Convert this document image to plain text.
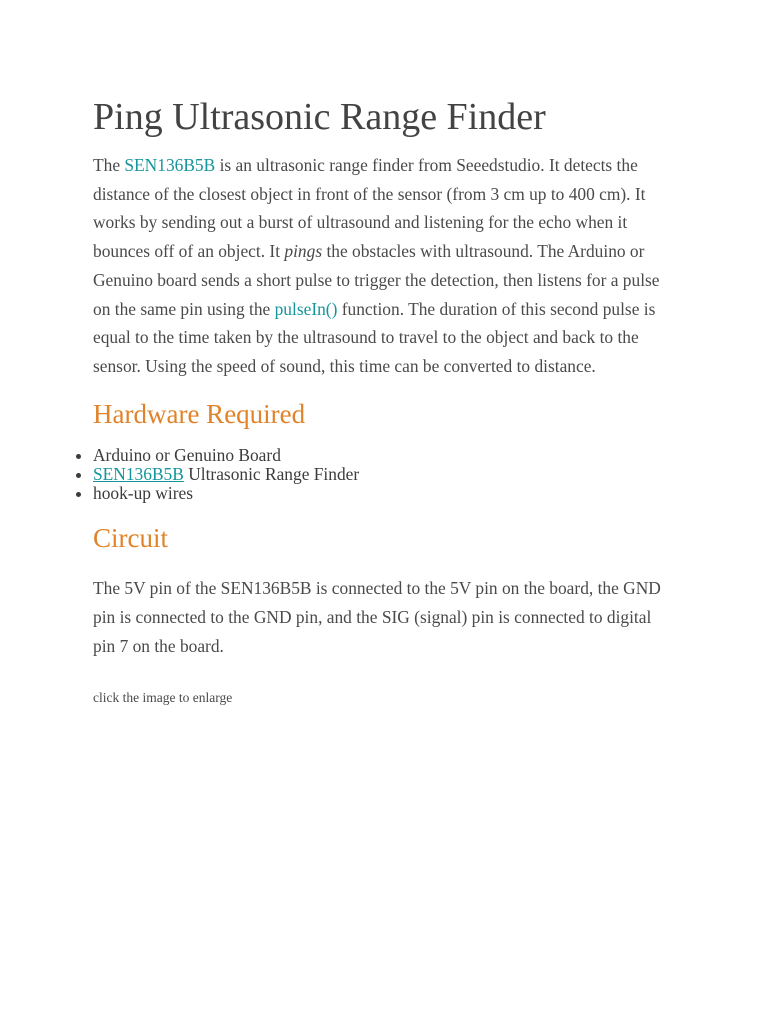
Ping Ultrasonic Range Finder

The SEN136B5B is an ultrasonic range finder from Seeedstudio. It detects the distance of the closest object in front of the sensor (from 3 cm up to 400 cm). It works by sending out a burst of ultrasound and listening for the echo when it bounces off of an object. It pings the obstacles with ultrasound. The Arduino or Genuino board sends a short pulse to trigger the detection, then listens for a pulse on the same pin using the pulseIn() function. The duration of this second pulse is equal to the time taken by the ultrasound to travel to the object and back to the sensor. Using the speed of sound, this time can be converted to distance.

Hardware Required
Arduino or Genuino Board
SEN136B5B Ultrasonic Range Finder
hook-up wires
Circuit

The 5V pin of the SEN136B5B is connected to the 5V pin on the board, the GND pin is connected to the GND pin, and the SIG (signal) pin is connected to digital pin 7 on the board.

click the image to enlarge
